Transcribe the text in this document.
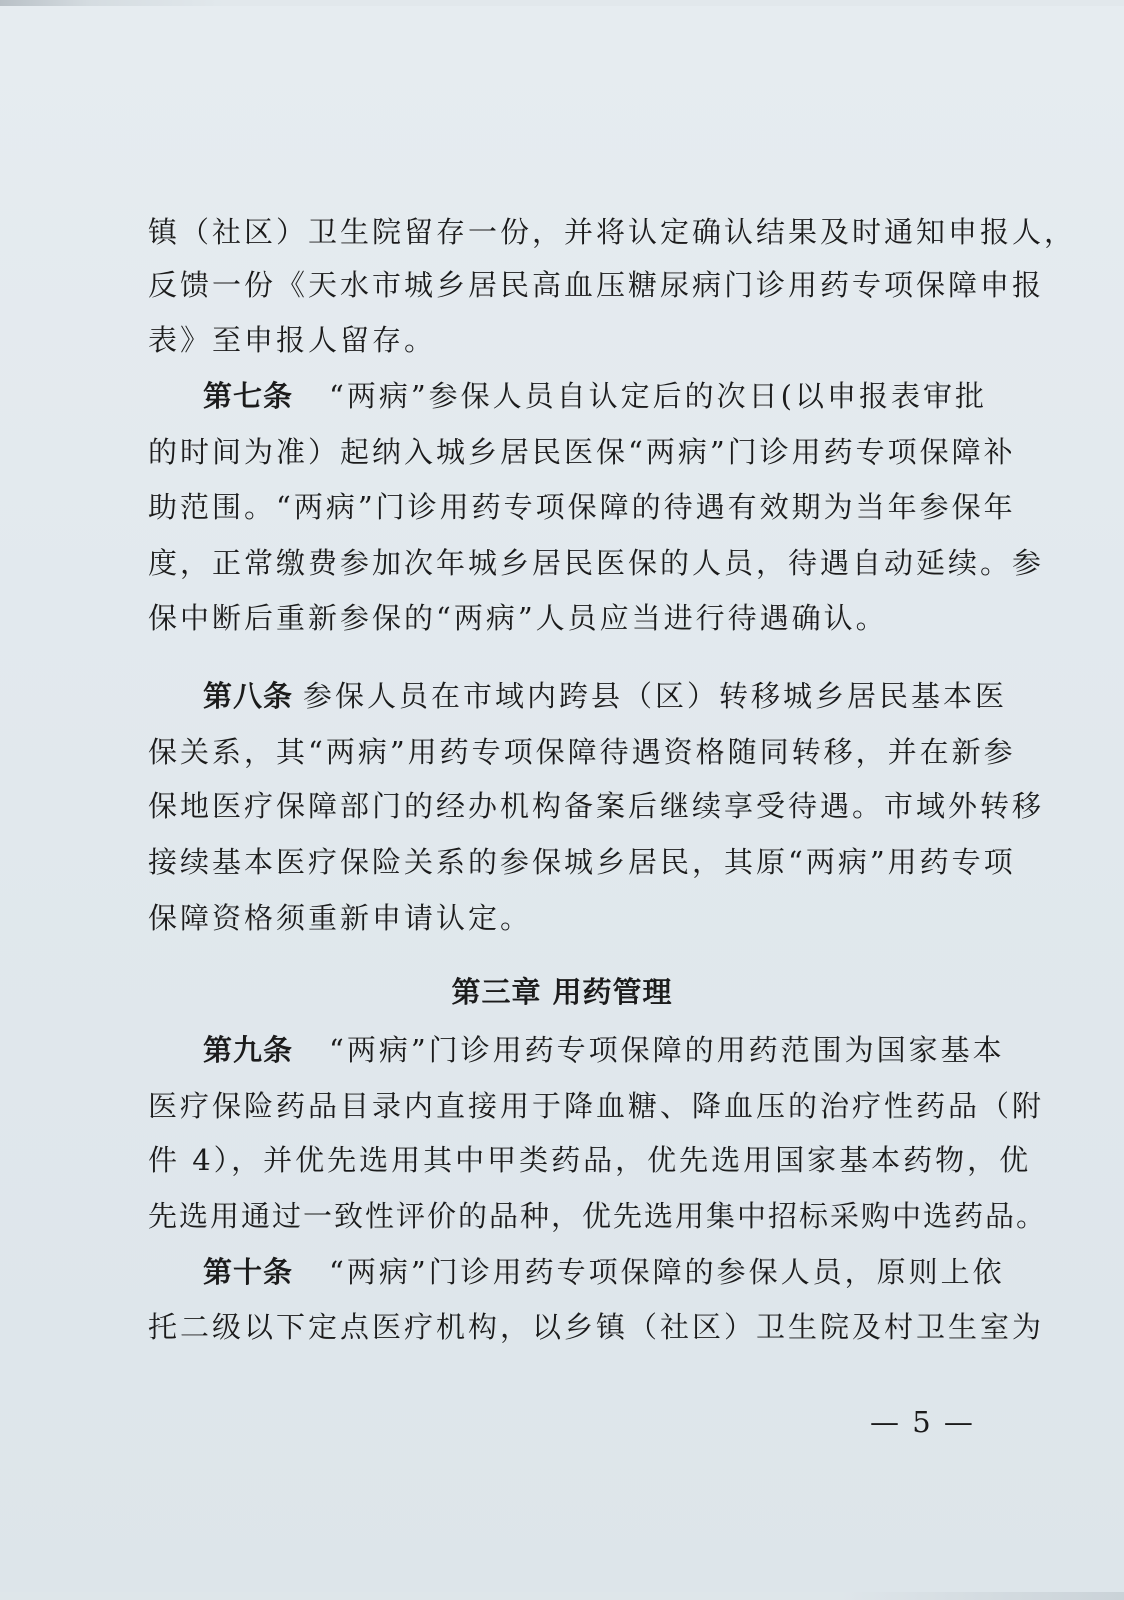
镇（社区）卫生院留存一份，并将认定确认结果及时通知申报人，
反馈一份《天水市城乡居民高血压糖尿病门诊用药专项保障申报
表》至申报人留存。
第七条 “两病”参保人员自认定后的次日(以申报表审批
的时间为准）起纳入城乡居民医保“两病”门诊用药专项保障补
助范围。“两病”门诊用药专项保障的待遇有效期为当年参保年
度，正常缴费参加次年城乡居民医保的人员，待遇自动延续。参
保中断后重新参保的“两病”人员应当进行待遇确认。
第八条 参保人员在市域内跨县（区）转移城乡居民基本医
保关系，其“两病”用药专项保障待遇资格随同转移，并在新参
保地医疗保障部门的经办机构备案后继续享受待遇。市域外转移
接续基本医疗保险关系的参保城乡居民，其原“两病”用药专项
保障资格须重新申请认定。
第三章 用药管理
第九条 “两病”门诊用药专项保障的用药范围为国家基本
医疗保险药品目录内直接用于降血糖、降血压的治疗性药品（附
件 4），并优先选用其中甲类药品，优先选用国家基本药物，优
先选用通过一致性评价的品种，优先选用集中招标采购中选药品。
第十条 “两病”门诊用药专项保障的参保人员，原则上依
托二级以下定点医疗机构，以乡镇（社区）卫生院及村卫生室为
— 5 —
